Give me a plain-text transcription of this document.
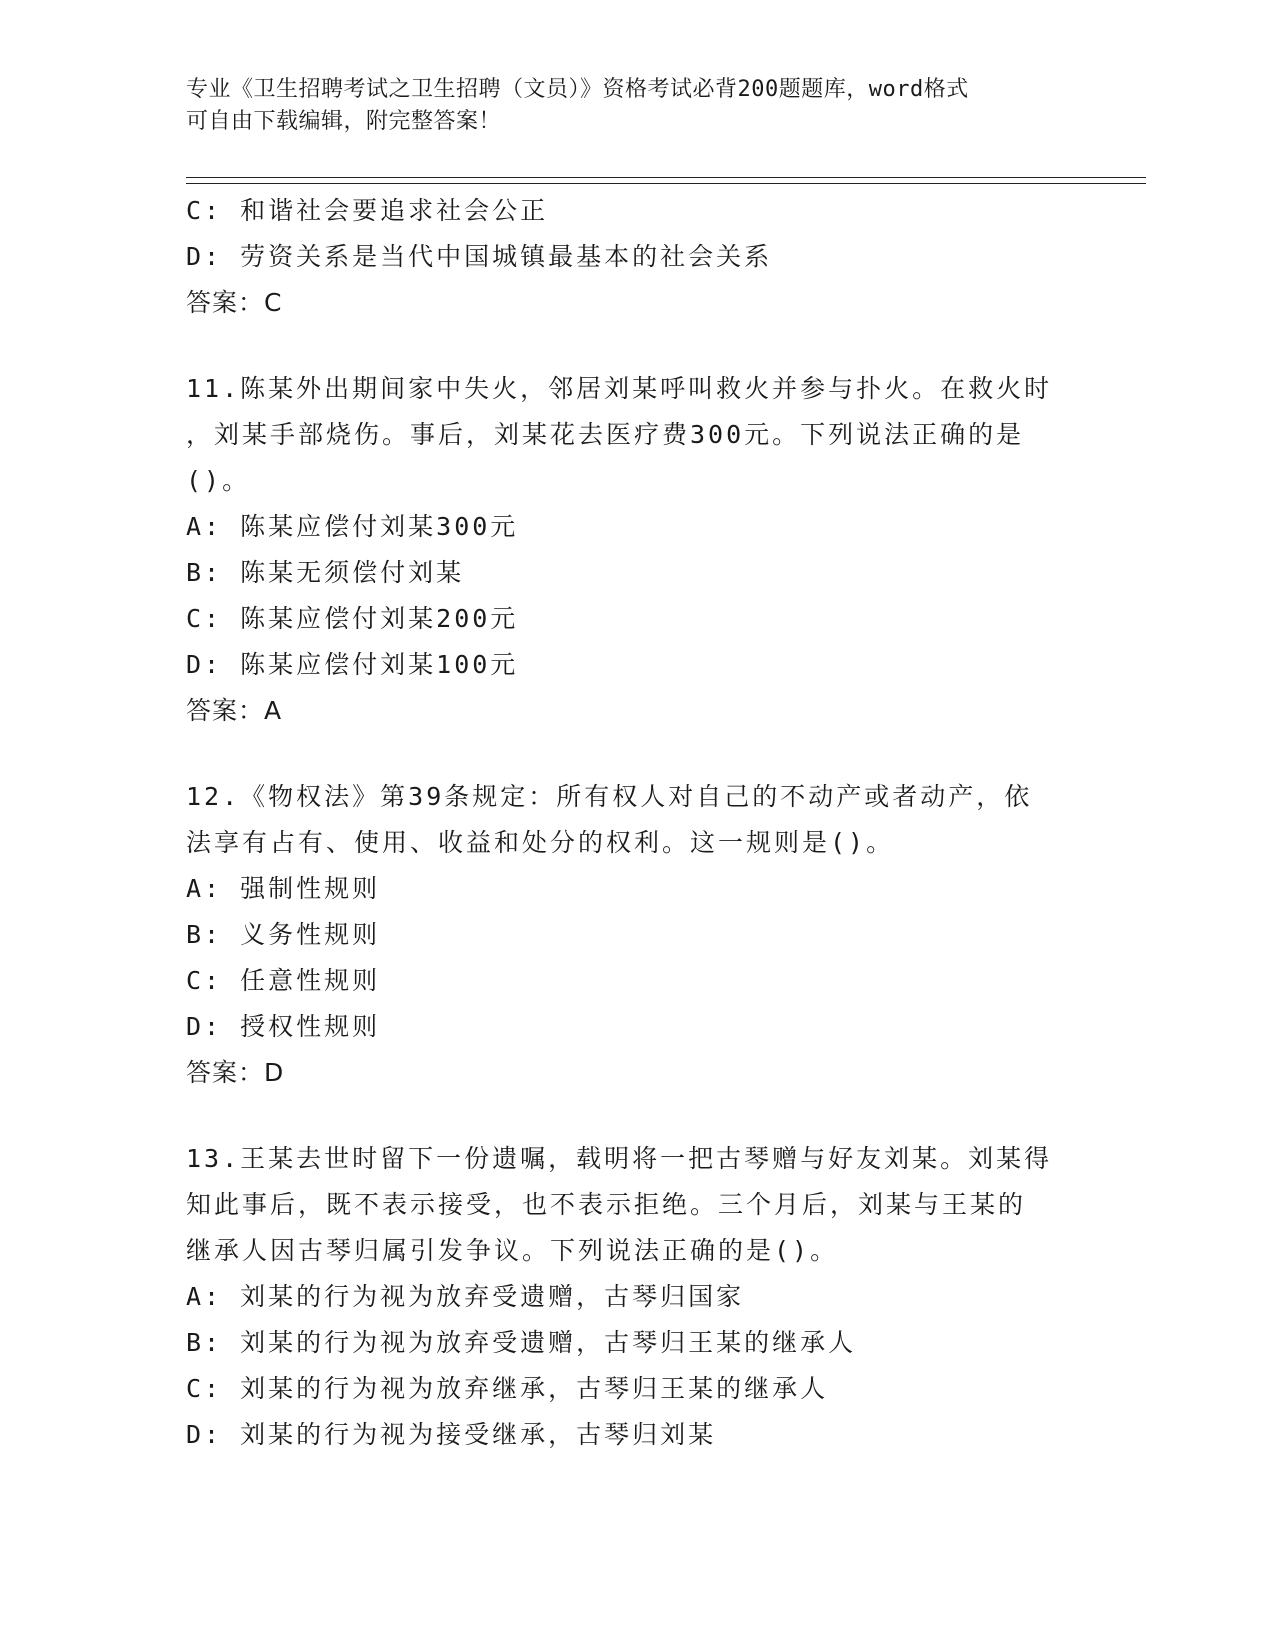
专业《卫生招聘考试之卫生招聘（文员）》资格考试必背200题题库，word格式
可自由下载编辑，附完整答案！
C: 和谐社会要追求社会公正
D: 劳资关系是当代中国城镇最基本的社会关系
答案：C
11.陈某外出期间家中失火，邻居刘某呼叫救火并参与扑火。在救火时
，刘某手部烧伤。事后，刘某花去医疗费300元。下列说法正确的是
()。
A: 陈某应偿付刘某300元
B: 陈某无须偿付刘某
C: 陈某应偿付刘某200元
D: 陈某应偿付刘某100元
答案：A
12.《物权法》第39条规定：所有权人对自己的不动产或者动产，依
法享有占有、使用、收益和处分的权利。这一规则是()。
A: 强制性规则
B: 义务性规则
C: 任意性规则
D: 授权性规则
答案：D
13.王某去世时留下一份遗嘱，载明将一把古琴赠与好友刘某。刘某得
知此事后，既不表示接受，也不表示拒绝。三个月后，刘某与王某的
继承人因古琴归属引发争议。下列说法正确的是()。
A: 刘某的行为视为放弃受遗赠，古琴归国家
B: 刘某的行为视为放弃受遗赠，古琴归王某的继承人
C: 刘某的行为视为放弃继承，古琴归王某的继承人
D: 刘某的行为视为接受继承，古琴归刘某
